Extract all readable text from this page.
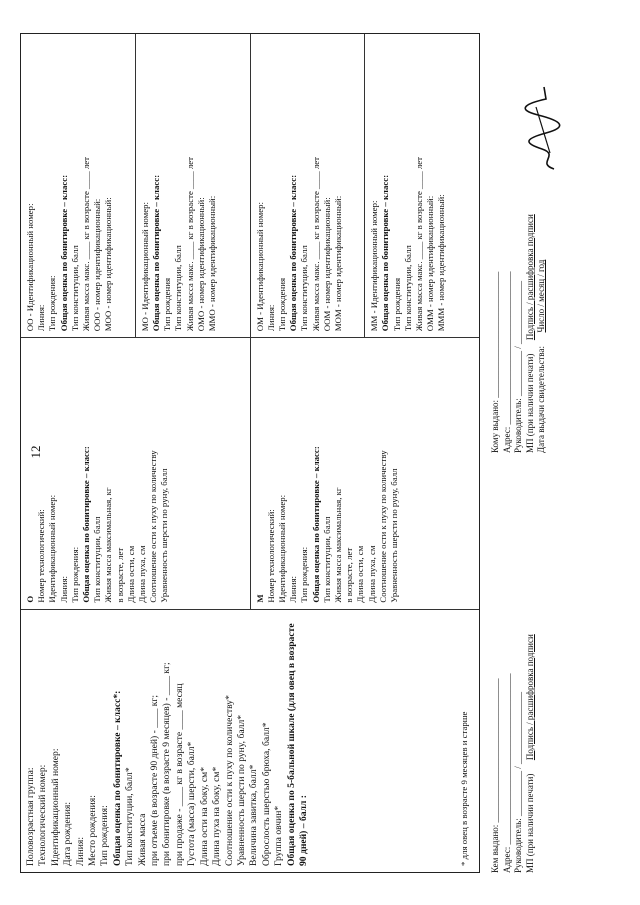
12
Половозрастная группа: Технологический номер: Идентификационный номер: Дата рождения: Линия: Место рождения: Тип рождения: Общая оценка по бонитировке – класс*: Тип конституции, балл* Живая масса при отъеме (в возрасте 90 дней) - ____ кг; при бонитировке (в возрасте 9 месяцев) - ____ кг; при продаже - ____ кг в возрасте ____ месяц Густота (масса) шерсти, балл* Длина ости на боку, см* Длина пуха на боку, см* Соотношение ости к пуху по количеству* Уравненность шерсти по руну, балл* Величина завитка, балл* Оброслость шерстью брюха, балл* Группа овчин* Общая оценка по 5-бальной шкале (для овец в возрасте 90 дней) – балл :	* для овец в возрасте 9 месяцев и старше
О Номер технологический: Идентификационный номер: Линия: Тип рождения: Общая оценка по бонитировке – класс: Тип конституции, балл Живая масса максимальная, кг в возрасте, лет Длина ости, см Длина пуха, см Соотношение ости к пуху по количеству Уравненность шерсти по руну, балл	М Номер технологический: Идентификационный номер: Линия: Тип рождения: Общая оценка по бонитировке – класс: Тип конституции, балл Живая масса максимальная, кг в возрасте, лет Длина ости, см Длина пуха, см Соотношение ости к пуху по количеству Уравненность шерсти по руну, балл
ОО - Идентификационный номер: Линия: Тип рождения: Общая оценка по бонитировке – класс: Тип конституции, балл Живая масса макс. ____ кг в возрасте ____ лет ООО - номер идентификационный: МОО - номер идентификационный:	МО - Идентификационный номер: Общая оценка по бонитировке – класс: Тип рождения Тип конституции, балл Живая масса макс. ____ кг в возрасте ____ лет ОМО - номер идентификационный: ММО - номер идентификационный:	ОМ - Идентификационный номер: Линия: Тип рождения Общая оценка по бонитировке – класс: Тип конституции, балл Живая масса макс. ____ кг в возрасте ____ лет ООМ - номер идентификационный: МОМ - номер идентификационный:	ММ - Идентификационный номер: Общая оценка по бонитировке – класс: Тип рождения Тип конституции, балл Живая масса макс. ____ кг в возрасте ____ лет ОММ - номер идентификационный: МММ - номер идентификационный:
Кем выдано: ________________________________ Адрес: ______________________________________ Руководитель: __________ / ________________ МП (при наличии печати)      Подпись / расшифровка подписи
Кому выдано: ____________________________ Адрес: __________________________________ Руководитель: __________ / ______________ МП (при наличии печати)      Подпись / расшифровка подписи
Дата выдачи свидетельства:      Число / месяц / год
